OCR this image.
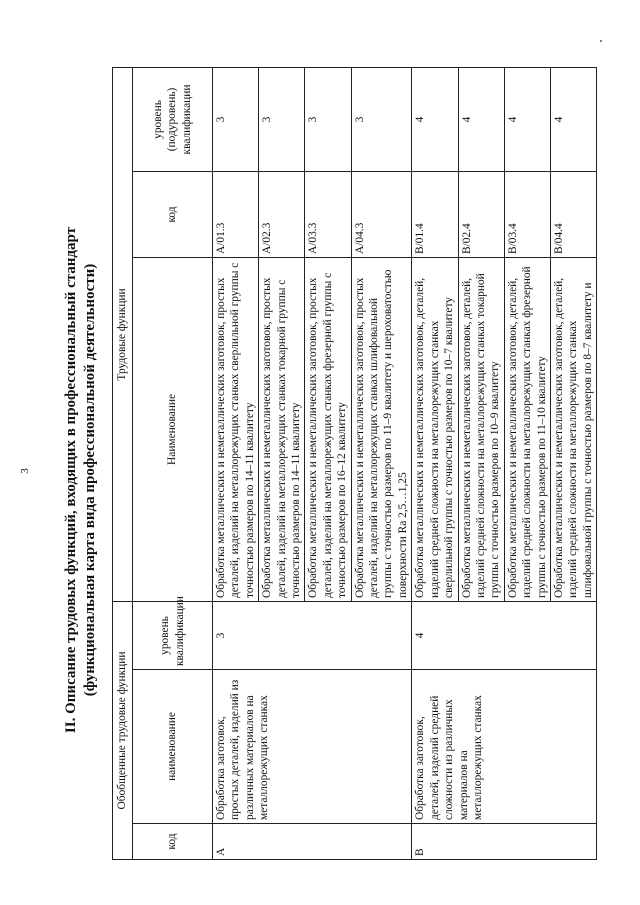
3 II. Описание трудовых функций, входящих в профессиональный стандарт (функциональная карта вида профессиональной деятельности)
Обобщенные трудовые функции			Трудовые функции		
код	наименование	уровень квалификации	Наименование	код	уровень (подуровень) квалификации
А	Обработка заготовок, простых деталей, изделий из различных материалов на металлорежущих станках	3	Обработка металлических и неметаллических заготовок, простых деталей, изделий на металлорежущих станках сверлильной группы с точностью размеров по 14–11 квалитету	А/01.3	3
			Обработка металлических и неметаллических заготовок, простых деталей, изделий на металлорежущих станках токарной группы с точностью размеров по 14–11 квалитету	А/02.3	3
			Обработка металлических и неметаллических заготовок, простых деталей, изделий на металлорежущих станках фрезерной группы с точностью размеров по 16–12 квалитету	А/03.3	3
			Обработка металлических и неметаллических заготовок, простых деталей, изделий на металлорежущих станках шлифовальной группы с точностью размеров по 11–9 квалитету и шероховатостью поверхности Ra 2,5…1,25	А/04.3	3
В	Обработка заготовок, деталей, изделий средней сложности из различных материалов на металлорежущих станках	4	Обработка металлических и неметаллических заготовок, деталей, изделий средней сложности на металлорежущих станках сверлильной группы с точностью размеров по 10–7 квалитету	В/01.4	4
			Обработка металлических и неметаллических заготовок, деталей, изделий средней сложности на металлорежущих станках токарной группы с точностью размеров по 10–9 квалитету	В/02.4	4
			Обработка металлических и неметаллических заготовок, деталей, изделий средней сложности на металлорежущих станках фрезерной группы с точностью размеров по 11–10 квалитету	В/03.4	4
			Обработка металлических и неметаллических заготовок, деталей, изделий средней сложности на металлорежущих станках шлифовальной группы с точностью размеров по 8–7 квалитету и	В/04.4	4
